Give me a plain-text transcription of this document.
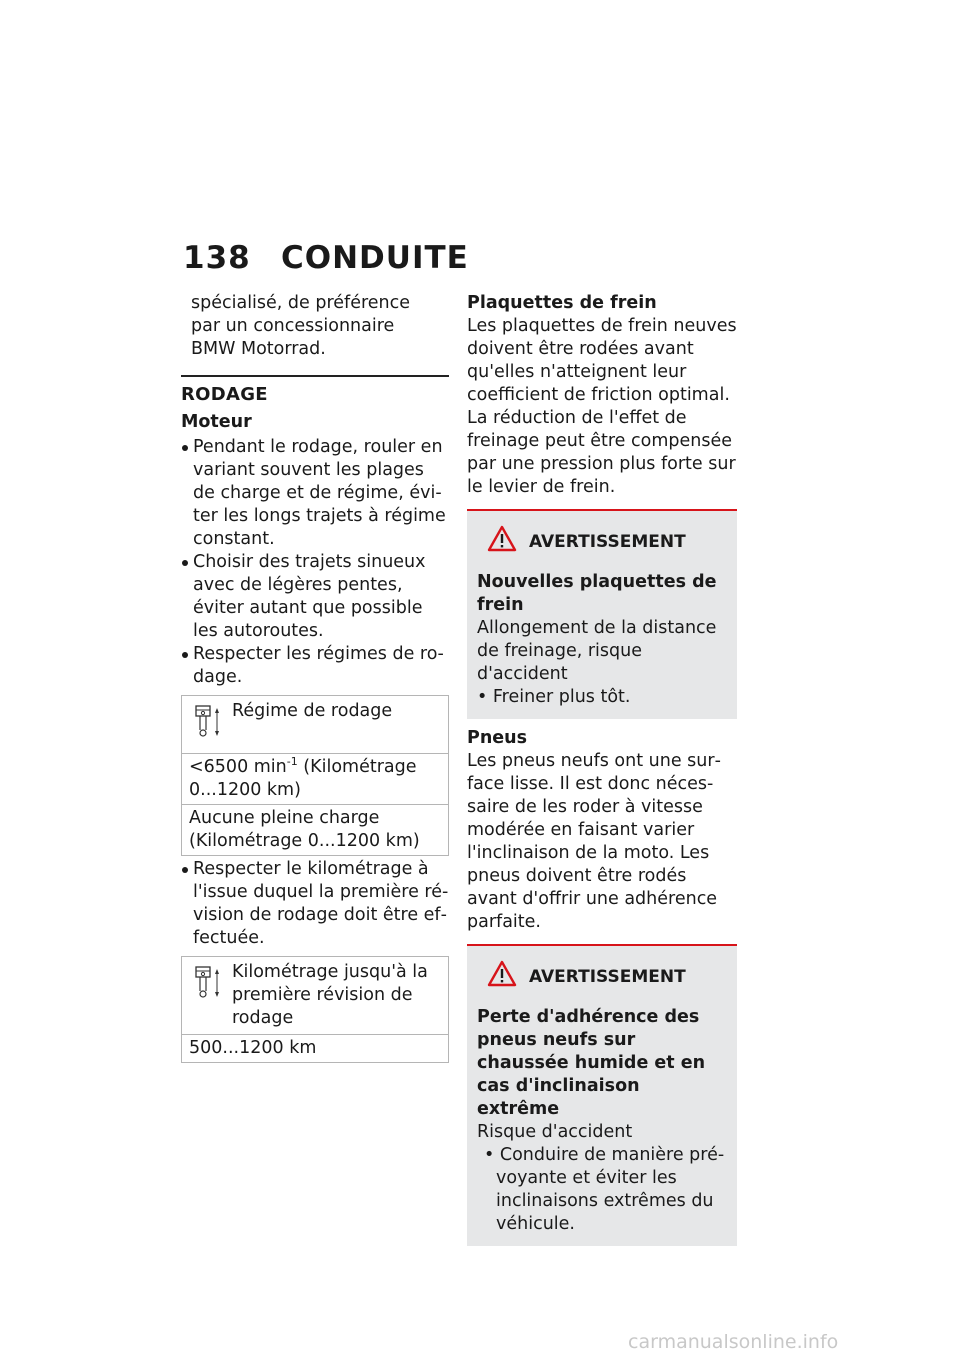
138 CONDUITE

spécialisé, de préférence

par un concessionnaire

BMW Motorrad.

RODAGE
Moteur
Pendant le rodage, rouler en variant souvent les plages de charge et de régime, éviter les longs trajets à régime constant.
Choisir des trajets sinueux avec de légères pentes, éviter autant que possible les autoroutes.
Respecter les régimes de rodage.
Régime de rodage
<6500 $\min^{-1}$ (Kilométrage 0...1200 km)
Aucune pleine charge (Kilométrage 0...1200 km)
Respecter le kilométrage à l'issue duquel la première révision de rodage doit être effectuée.
Kilométrage jusqu'à la première révision de rodage
500...1200 km

Plaquettes de frein

Les plaquettes de frein neuves doivent être rodées avant qu'elles n'atteignent leur coefficient de friction optimal. La réduction de l'effet de freinage peut être compensée par une pression plus forte sur le levier de frein.

AVERTISSEMENT

Nouvelles plaquettes de frein

Allongement de la distance de freinage, risque d'accident

• Freiner plus tôt.

Pneus

Les pneus neufs ont une surface lisse. Il est donc nécessaire de les roder à vitesse modérée en faisant varier l'inclinaison de la moto. Les pneus doivent être rodés avant d'offrir une adhérence parfaite.

AVERTISSEMENT

Perte d'adhérence des pneus neufs sur chaussée humide et en cas d'inclinaison extrême

Risque d'accident

• Conduire de manière prévoyante et éviter les inclinaisons extrêmes du véhicule.

carmanualsonline.info
